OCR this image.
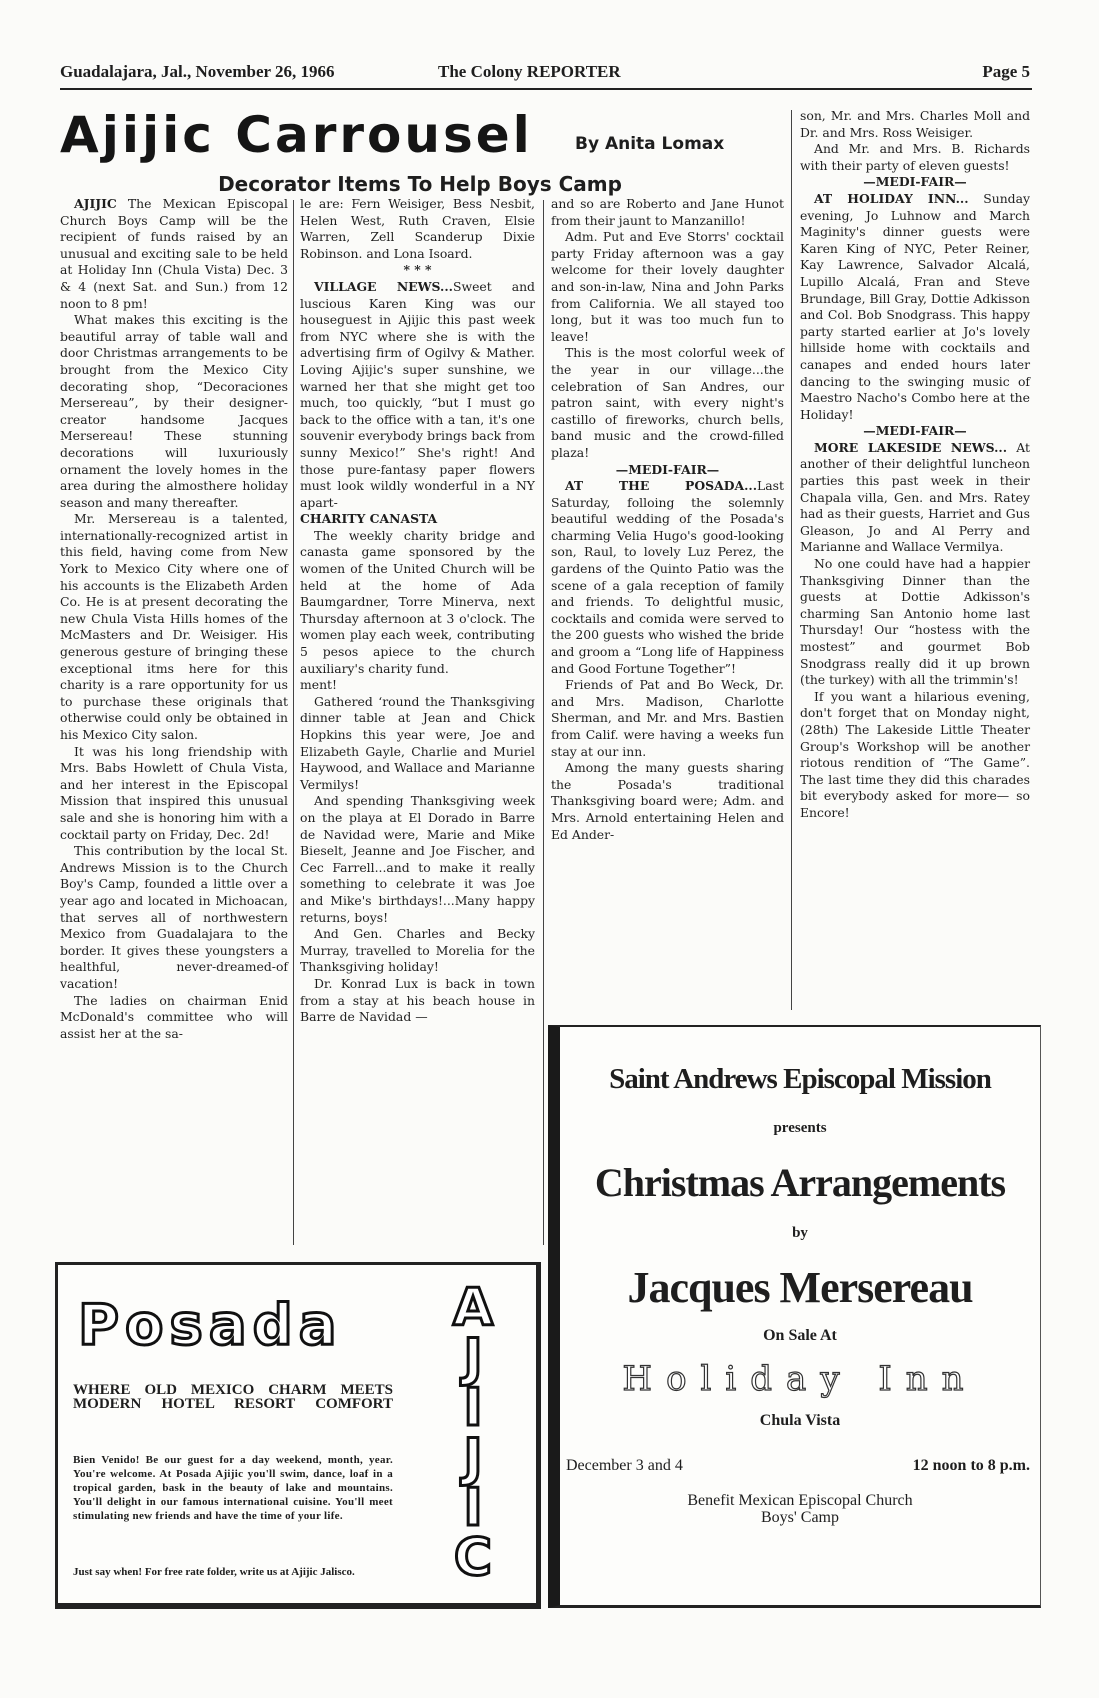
Guadalajara, Jal., November 26, 1966	The Colony REPORTER	Page 5
Ajijic Carrousel By Anita Lomax
Decorator Items To Help Boys Camp

AJIJIC The Mexican Episcopal Church Boys Camp will be the recipient of funds raised by an unusual and exciting sale to be held at Holiday Inn (Chula Vista) Dec. 3 & 4 (next Sat. and Sun.) from 12 noon to 8 pm!

What makes this exciting is the beautiful array of table wall and door Christmas arrangements to be brought from the Mexico City decorating shop, “Decoraciones Mersereau”, by their designer-creator handsome Jacques Mersereau! These stunning decorations will luxuriously ornament the lovely homes in the area during the almosthere holiday season and many thereafter.

Mr. Mersereau is a talented, internationally-recognized artist in this field, having come from New York to Mexico City where one of his accounts is the Elizabeth Arden Co. He is at present decorating the new Chula Vista Hills homes of the McMasters and Dr. Weisiger. His generous gesture of bringing these exceptional itms here for this charity is a rare opportunity for us to purchase these originals that otherwise could only be obtained in his Mexico City salon.

It was his long friendship with Mrs. Babs Howlett of Chula Vista, and her interest in the Episcopal Mission that inspired this unusual sale and she is honoring him with a cocktail party on Friday, Dec. 2d!

This contribution by the local St. Andrews Mission is to the Church Boy's Camp, founded a little over a year ago and located in Michoacan, that serves all of northwestern Mexico from Guadalajara to the border. It gives these youngsters a healthful, never-dreamed-of vacation!

The ladies on chairman Enid McDonald's committee who will assist her at the sa-

le are: Fern Weisiger, Bess Nesbit, Helen West, Ruth Craven, Elsie Warren, Zell Scanderup Dixie Robinson. and Lona Isoard.

* * *

VILLAGE NEWS...Sweet and luscious Karen King was our houseguest in Ajijic this past week from NYC where she is with the advertising firm of Ogilvy & Mather. Loving Ajijic's super sunshine, we warned her that she might get too much, too quickly, “but I must go back to the office with a tan, it's one souvenir everybody brings back from sunny Mexico!” She's right! And those pure-fantasy paper flowers must look wildly wonderful in a NY apart-

CHARITY CANASTA

The weekly charity bridge and canasta game sponsored by the women of the United Church will be held at the home of Ada Baumgardner, Torre Minerva, next Thursday afternoon at 3 o'clock. The women play each week, contributing 5 pesos apiece to the church auxiliary's charity fund.

ment!

Gathered ‘round the Thanksgiving dinner table at Jean and Chick Hopkins this year were, Joe and Elizabeth Gayle, Charlie and Muriel Haywood, and Wallace and Marianne Vermilys!

And spending Thanksgiving week on the playa at El Dorado in Barre de Navidad were, Marie and Mike Bieselt, Jeanne and Joe Fischer, and Cec Farrell...and to make it really something to celebrate it was Joe and Mike's birthdays!...Many happy returns, boys!

And Gen. Charles and Becky Murray, travelled to Morelia for the Thanksgiving holiday!

Dr. Konrad Lux is back in town from a stay at his beach house in Barre de Navidad —

and so are Roberto and Jane Hunot from their jaunt to Manzanillo!

Adm. Put and Eve Storrs' cocktail party Friday afternoon was a gay welcome for their lovely daughter and son-in-law, Nina and John Parks from California. We all stayed too long, but it was too much fun to leave!

This is the most colorful week of the year in our village...the celebration of San Andres, our patron saint, with every night's castillo of fireworks, church bells, band music and the crowd-filled plaza!

—MEDI-FAIR—

AT THE POSADA...Last Saturday, folloing the solemnly beautiful wedding of the Posada's charming Velia Hugo's good-looking son, Raul, to lovely Luz Perez, the gardens of the Quinto Patio was the scene of a gala reception of family and friends. To delightful music, cocktails and comida were served to the 200 guests who wished the bride and groom a “Long life of Happiness and Good Fortune Together”!

Friends of Pat and Bo Weck, Dr. and Mrs. Madison, Charlotte Sherman, and Mr. and Mrs. Bastien from Calif. were having a weeks fun stay at our inn.

Among the many guests sharing the Posada's traditional Thanksgiving board were; Adm. and Mrs. Arnold entertaining Helen and Ed Ander-

son, Mr. and Mrs. Charles Moll and Dr. and Mrs. Ross Weisiger.

And Mr. and Mrs. B. Richards with their party of eleven guests!

—MEDI-FAIR—

AT HOLIDAY INN... Sunday evening, Jo Luhnow and March Maginity's dinner guests were Karen King of NYC, Peter Reiner, Kay Lawrence, Salvador Alcalá, Lupillo Alcalá, Fran and Steve Brundage, Bill Gray, Dottie Adkisson and Col. Bob Snodgrass. This happy party started earlier at Jo's lovely hillside home with cocktails and canapes and ended hours later dancing to the swinging music of Maestro Nacho's Combo here at the Holiday!

—MEDI-FAIR—

MORE LAKESIDE NEWS... At another of their delightful luncheon parties this past week in their Chapala villa, Gen. and Mrs. Ratey had as their guests, Harriet and Gus Gleason, Jo and Al Perry and Marianne and Wallace Vermilya.

No one could have had a happier Thanksgiving Dinner than the guests at Dottie Adkisson's charming San Antonio home last Thursday! Our “hostess with the mostest” and gourmet Bob Snodgrass really did it up brown (the turkey) with all the trimmin's!

If you want a hilarious evening, don't forget that on Monday night, (28th) The Lakeside Little Theater Group's Workshop will be another riotous rendition of “The Game”. The last time they did this charades bit everybody asked for more— so Encore!

Posada	A
J
I
J
I
C
WHERE OLD MEXICO CHARM MEETS MODERN HOTEL RESORT COMFORT
Bien Venido! Be our guest for a day weekend, month, year. You're welcome. At Posada Ajijic you'll swim, dance, loaf in a tropical garden, bask in the beauty of lake and mountains. You'll delight in our famous international cuisine. You'll meet stimulating new friends and have the time of your life.
Just say when! For free rate folder, write us at Ajijic Jalisco.
Saint Andrews Episcopal Mission
presents
Christmas Arrangements
by
Jacques Mersereau
On Sale At
Holiday Inn
Chula Vista
December 3 and 4	12 noon to 8 p.m.
Benefit Mexican Episcopal Church
Boys' Camp
